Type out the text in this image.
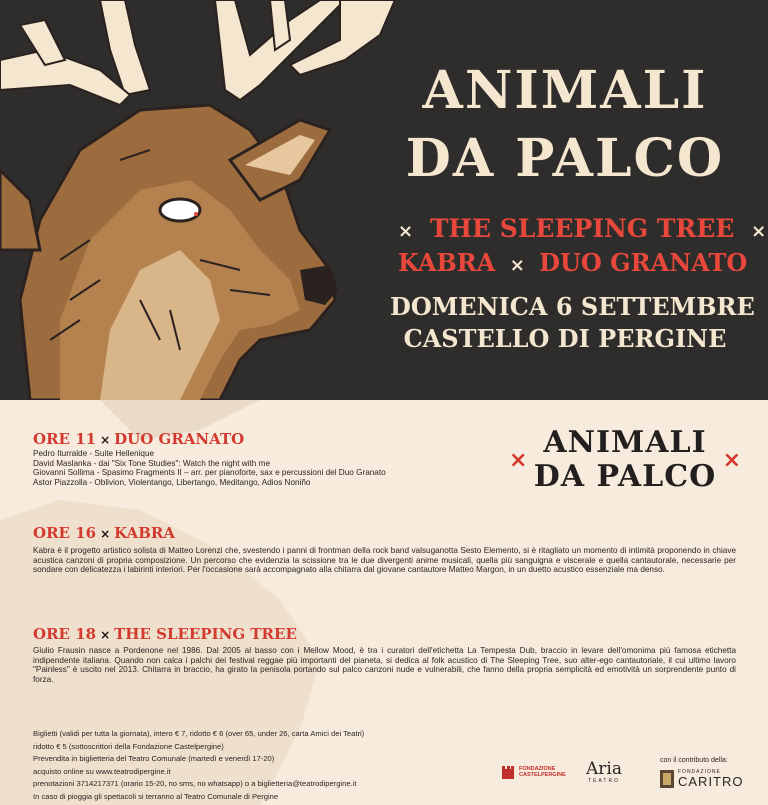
ANIMALI
DA PALCO
× THE SLEEPING TREE ×
KABRA × DUO GRANATO
DOMENICA 6 SETTEMBRE
CASTELLO DI PERGINE
ORE 11 × DUO GRANATO
Pedro Iturralde - Suite Hellenique
David Maslanka - dai "Six Tone Studies": Watch the night with me
Giovanni Sollima - Spasimo Fragments II – arr. per pianoforte, sax e percussioni del Duo Granato
Astor Piazzolla - Oblivion, Violentango, Libertango, Meditango, Adios Noniño
×
ANIMALI
DA PALCO ×
ORE 16 × KABRA
Kabra è il progetto artistico solista di Matteo Lorenzi che, svestendo i panni di frontman della rock band valsuganotta Sesto Elemento, si è ritagliato un momento di intimità proponendo in chiave acustica canzoni di propria composizione. Un percorso che evidenzia la scissione tra le due divergenti anime musicali, quella più sanguigna e viscerale e quella cantautorale, necessarie per sondare con delicatezza i labirinti interiori. Per l'occasione sarà accompagnato alla chitarra dal giovane cantautore Matteo Margon, in un duetto acustico essenziale ma denso.
ORE 18 × THE SLEEPING TREE
Giulio Frausin nasce a Pordenone nel 1986. Dal 2005 al basso con i Mellow Mood, è tra i curatori dell'etichetta La Tempesta Dub, braccio in levare dell'omonima più famosa etichetta indipendente italiana. Quando non calca i palchi dei festival reggae più importanti del pianeta, si dedica al folk acustico di The Sleeping Tree, suo alter-ego cantautoriale, il cui ultimo lavoro "Painless" è uscito nel 2013. Chitarra in braccio, ha girato la penisola portando sul palco canzoni nude e vulnerabili, che fanno della propria semplicità ed emotività un sorprendente punto di forza.
Biglietti (validi per tutta la giornata), intero € 7, ridotto € 6 (over 65, under 26, carta Amici dei Teatri)
ridotto € 5 (sottoscrittori della Fondazione Castelpergine)
Prevendita in biglietteria del Teatro Comunale (martedì e venerdì 17-20)
acquisto online su www.teatrodipergine.it
prenotazioni 3714217371 (orario 15-20, no sms, no whatsapp) o a biglietteria@teatrodipergine.it
In caso di pioggia gli spettacoli si terranno al Teatro Comunale di Pergine
FONDAZIONE CASTELPERGINE Aria
TEATRO
con il contributo della:
FONDAZIONE
CARITRO
